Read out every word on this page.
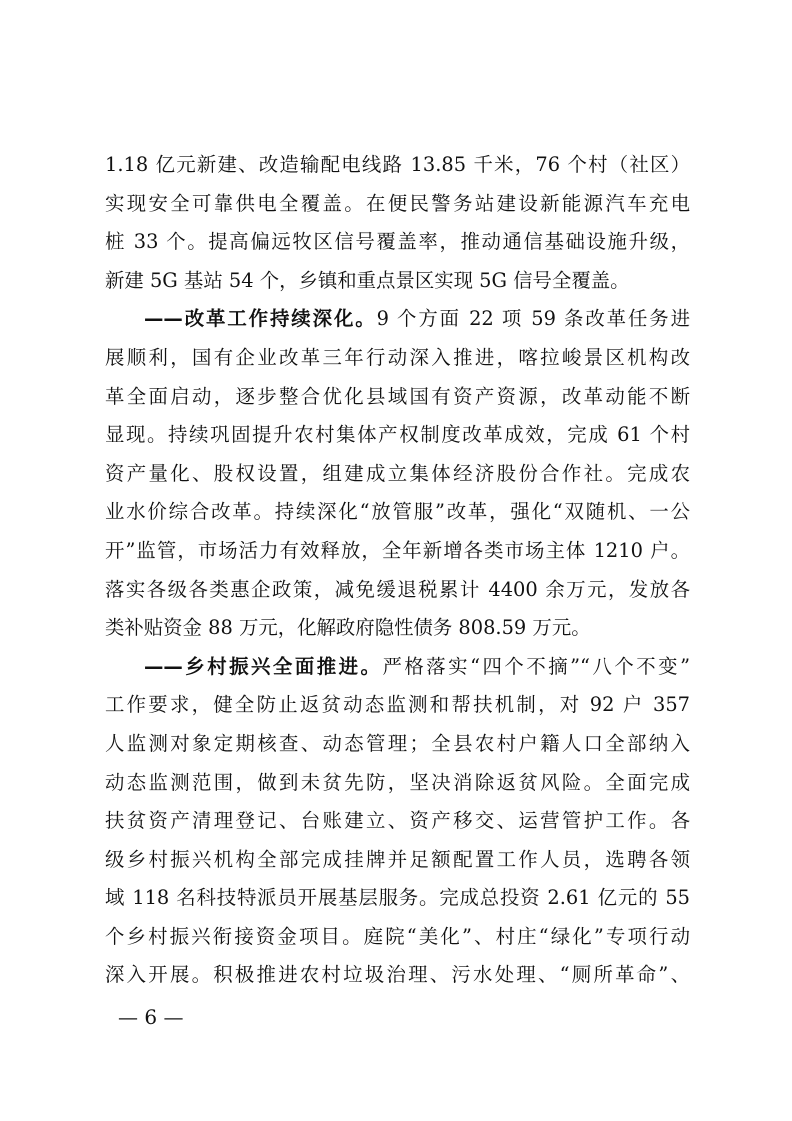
1.18 亿元新建、改造输配电线路 13.85 千米，76 个村（社区）
实现安全可靠供电全覆盖。在便民警务站建设新能源汽车充电
桩 33 个。提高偏远牧区信号覆盖率，推动通信基础设施升级，
新建 5G 基站 54 个，乡镇和重点景区实现 5G 信号全覆盖。
——改革工作持续深化。9 个方面 22 项 59 条改革任务进
展顺利，国有企业改革三年行动深入推进，喀拉峻景区机构改
革全面启动，逐步整合优化县域国有资产资源，改革动能不断
显现。持续巩固提升农村集体产权制度改革成效，完成 61 个村
资产量化、股权设置，组建成立集体经济股份合作社。完成农
业水价综合改革。持续深化“放管服”改革，强化“双随机、一公
开”监管，市场活力有效释放，全年新增各类市场主体 1210 户。
落实各级各类惠企政策，减免缓退税累计 4400 余万元，发放各
类补贴资金 88 万元，化解政府隐性债务 808.59 万元。
——乡村振兴全面推进。严格落实“四个不摘”“八个不变”
工作要求，健全防止返贫动态监测和帮扶机制，对 92 户 357
人监测对象定期核查、动态管理；全县农村户籍人口全部纳入
动态监测范围，做到未贫先防，坚决消除返贫风险。全面完成
扶贫资产清理登记、台账建立、资产移交、运营管护工作。各
级乡村振兴机构全部完成挂牌并足额配置工作人员，选聘各领
域 118 名科技特派员开展基层服务。完成总投资 2.61 亿元的 55
个乡村振兴衔接资金项目。庭院“美化”、村庄“绿化”专项行动
深入开展。积极推进农村垃圾治理、污水处理、“厕所革命”、
— 6 —
